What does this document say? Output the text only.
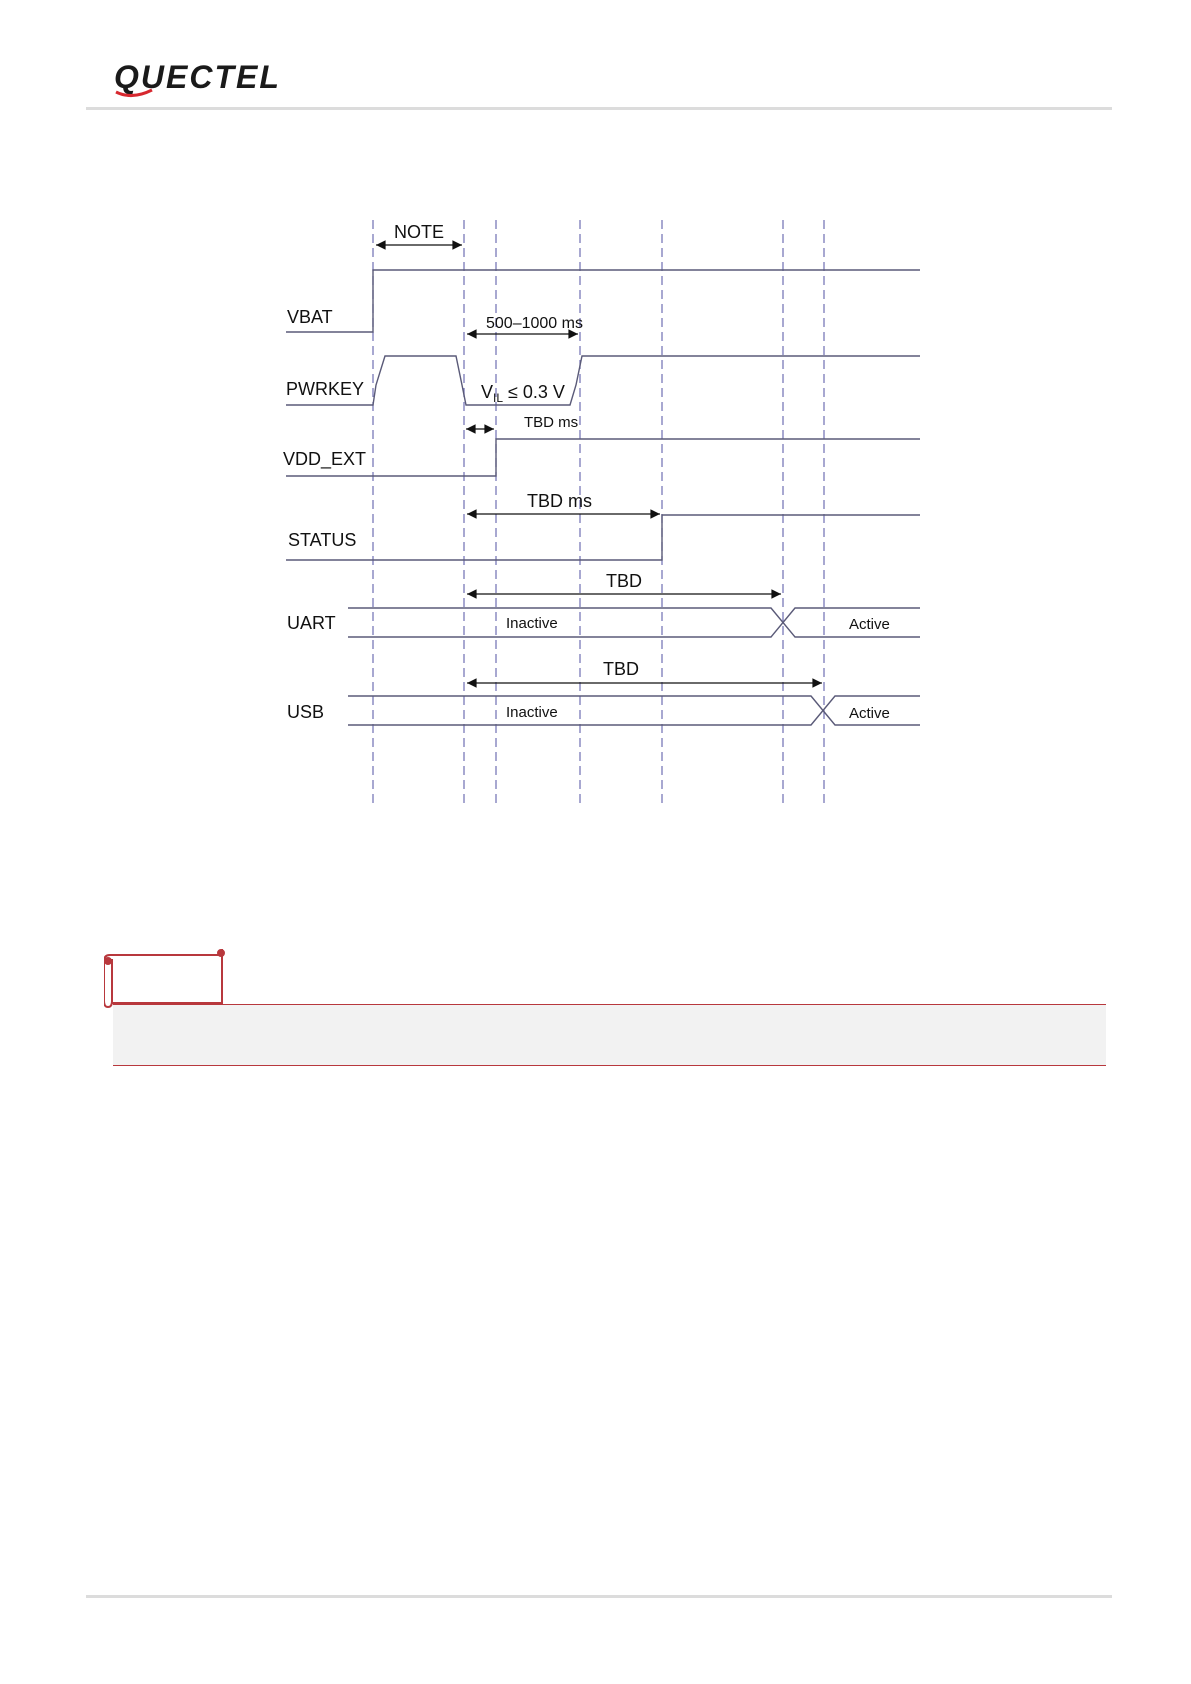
QUECTEL
VBAT
PWRKEY
VDD_EXT
STATUS
UART
USB
NOTE
500–1000 ms
$V_{IL} \le 0.3$ V
TBD ms
TBD ms
TBD
TBD
Inactive	Active
Inactive	Active
